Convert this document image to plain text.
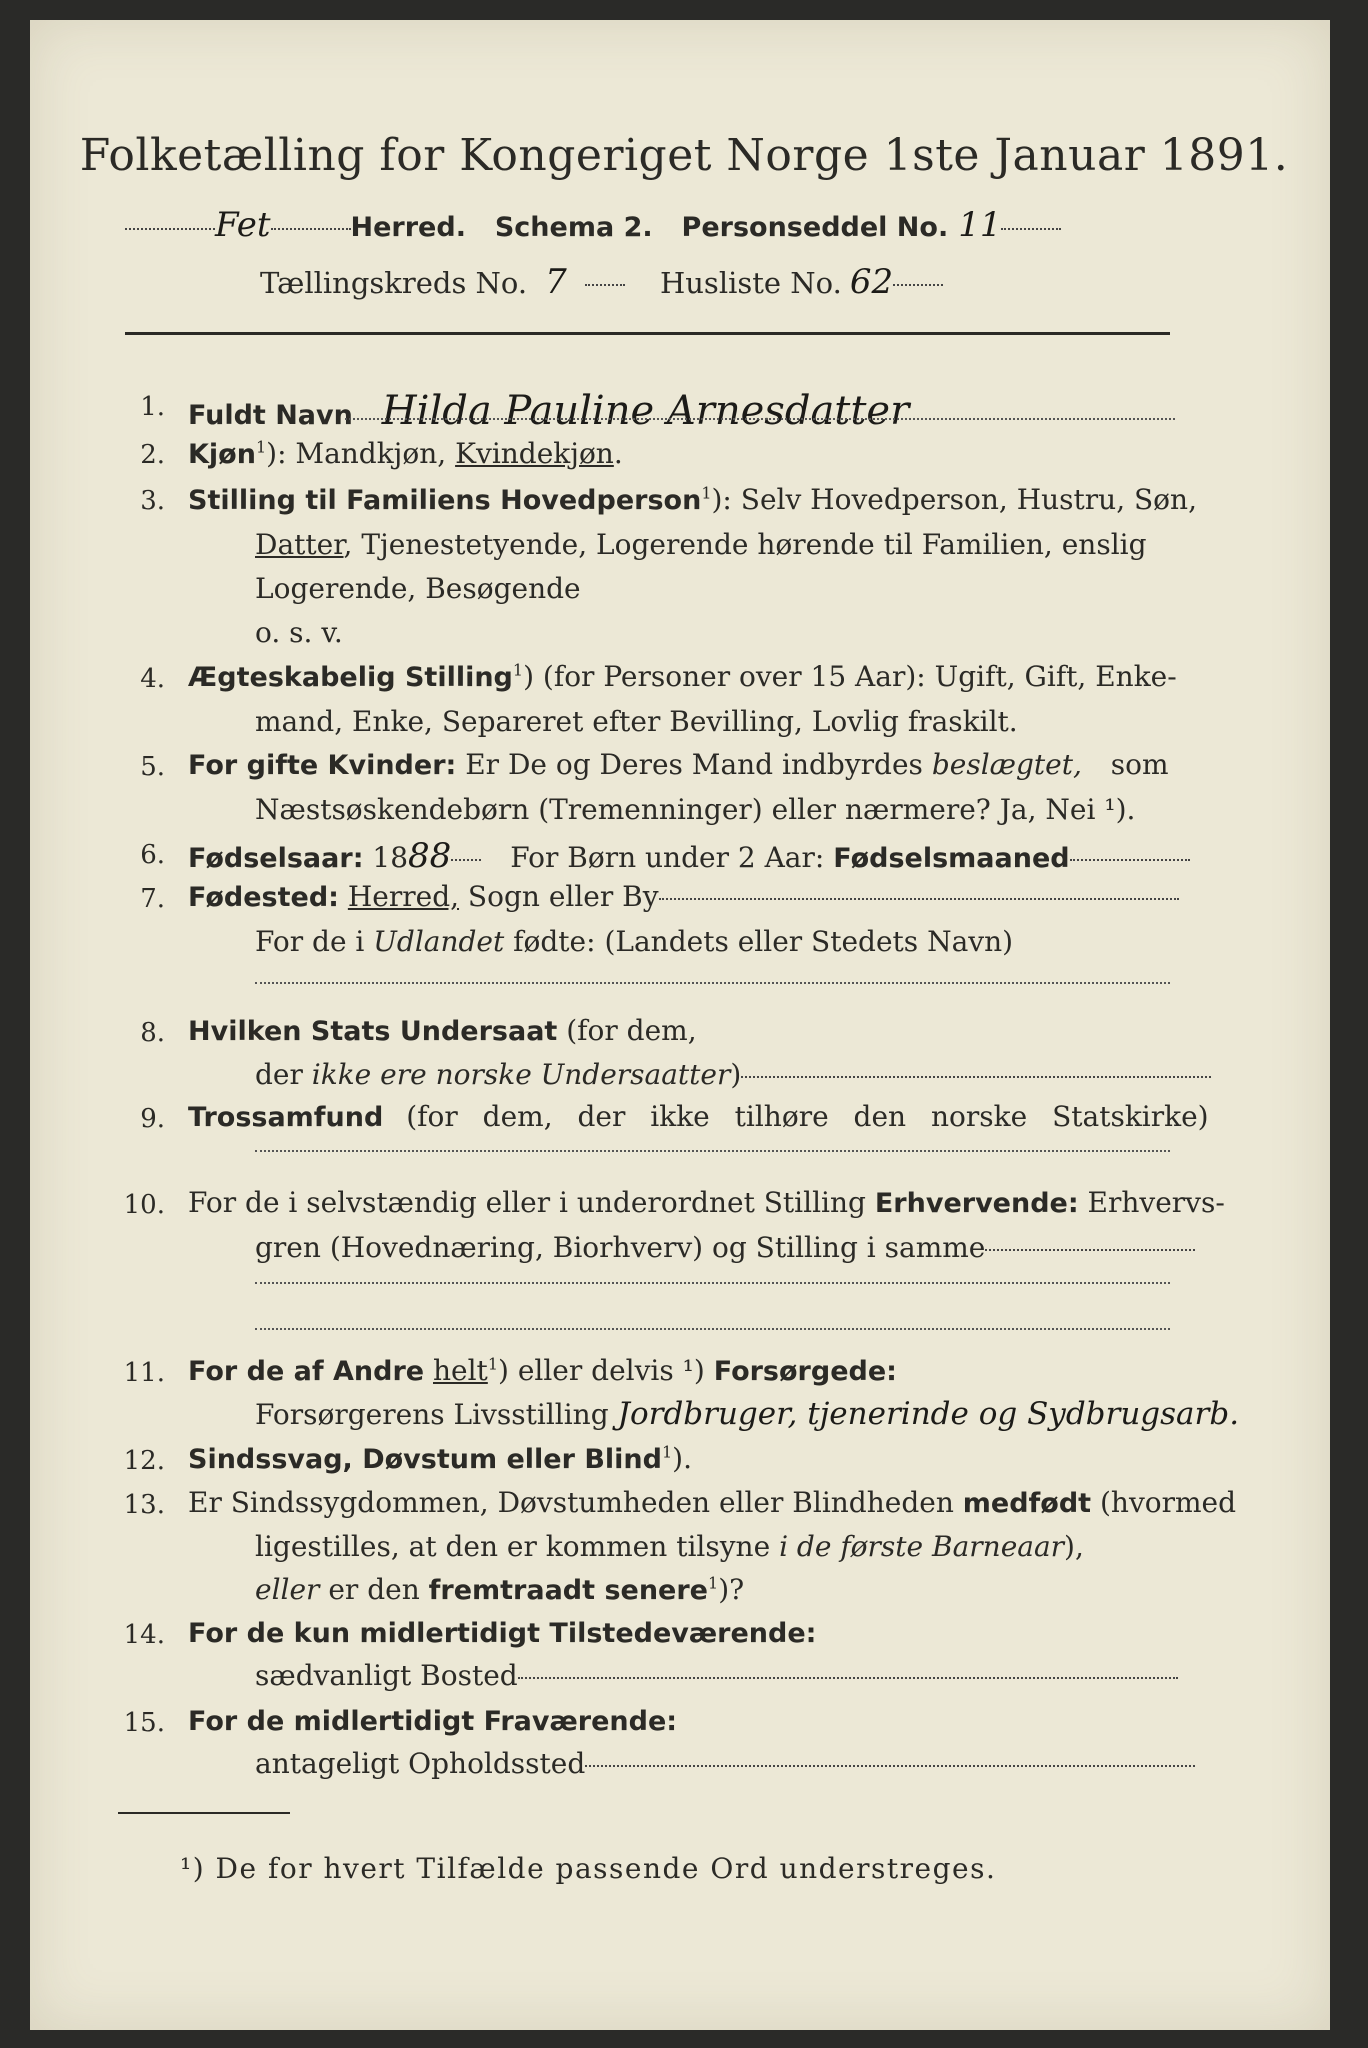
Folketælling for Kongeriget Norge 1ste Januar 1891.
Fet	Herred. Schema 2. Personseddel No. 11
Tællingskreds No. 7	Husliste No. 62
1. Fuldt Navn Hilda Pauline Arnesdatter
2. Kjøn$^1$): Mandkjøn, Kvindekjøn.
3. Stilling til Familiens Hovedperson$^1$): Selv Hovedperson, Hustru, Søn,
Datter, Tjenestetyende, Logerende hørende til Familien, enslig
Logerende, Besøgende
o. s. v.
4. Ægteskabelig Stilling$^1$) (for Personer over 15 Aar): Ugift, Gift, Enke-
mand, Enke, Separeret efter Bevilling, Lovlig fraskilt.
5. For gifte Kvinder: Er De og Deres Mand indbyrdes beslægtet, som
Næstsøskendebørn (Tremenninger) eller nærmere? Ja, Nei ¹).
6. Fødselsaar: 1888 For Børn under 2 Aar: Fødselsmaaned
7. Fødested: Herred, Sogn eller By
For de i Udlandet fødte: (Landets eller Stedets Navn)
8. Hvilken Stats Undersaat (for dem,
der ikke ere norske Undersaatter)
9. Trossamfund (for dem, der ikke tilhøre den norske Statskirke)
10. For de i selvstændig eller i underordnet Stilling Erhvervende: Erhvervs-
gren (Hovednæring, Biorhverv) og Stilling i samme
11. For de af Andre helt$^1$) eller delvis ¹) Forsørgede:
Forsørgerens Livsstilling Jordbruger, tjenerinde og Sydbrugsarb.
12. Sindssvag, Døvstum eller Blind$^1$).
13. Er Sindssygdommen, Døvstumheden eller Blindheden medfødt (hvormed
ligestilles, at den er kommen tilsyne i de første Barneaar),
eller er den fremtraadt senere$^1$)?
14. For de kun midlertidigt Tilstedeværende:
sædvanligt Bosted
15. For de midlertidigt Fraværende:
antageligt Opholdssted
¹) De for hvert Tilfælde passende Ord understreges.
